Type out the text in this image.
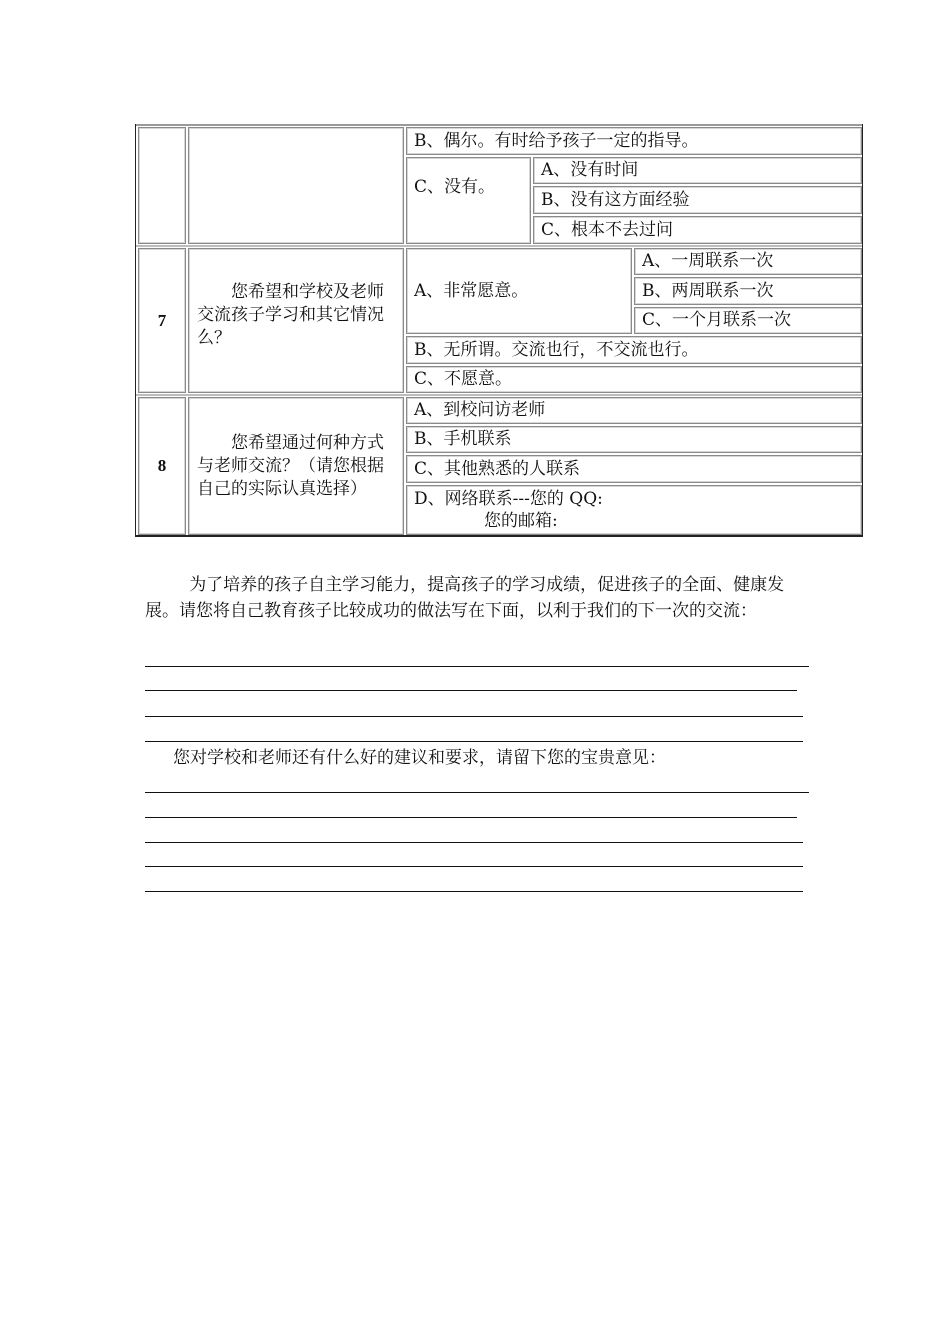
B、偶尔。有时给予孩子一定的指导。
C、没有。
A、没有时间
B、没有这方面经验
C、根本不去过问
7
您希望和学校及老师交流孩子学习和其它情况么？
A、非常愿意。
A、一周联系一次
B、两周联系一次
C、一个月联系一次
B、无所谓。交流也行，不交流也行。
C、不愿意。
8
您希望通过何种方式与老师交流？（请您根据自己的实际认真选择）
A、到校问访老师
B、手机联系
C、其他熟悉的人联系
D、网络联系---您的 QQ:
您的邮箱:
为了培养的孩子自主学习能力，提高孩子的学习成绩，促进孩子的全面、健康发展。请您将自己教育孩子比较成功的做法写在下面，以利于我们的下一次的交流：
您对学校和老师还有什么好的建议和要求，请留下您的宝贵意见：
